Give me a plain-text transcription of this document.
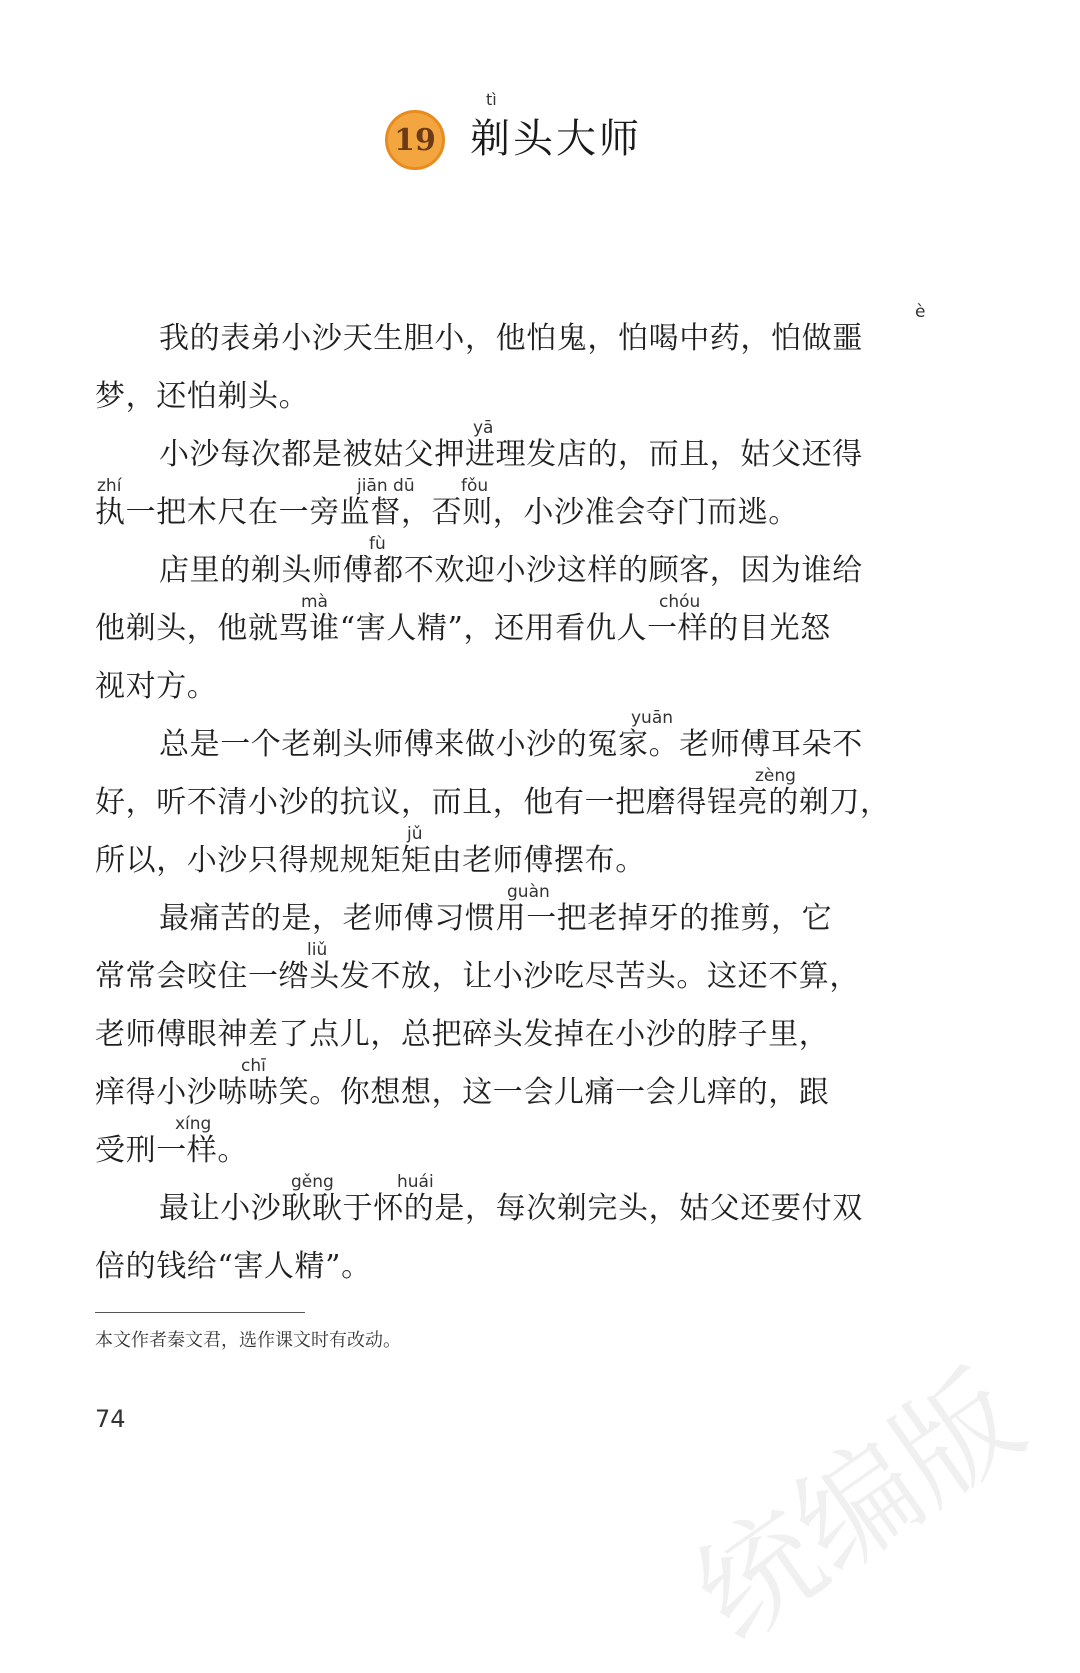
19
tì
剃头大师
è
我的表弟小沙天生胆小，他怕鬼，怕喝中药，怕做噩
梦，还怕剃头。
yā
小沙每次都是被姑父押进理发店的，而且，姑父还得
zhí	jiān dū	fǒu
执一把木尺在一旁监督，否则，小沙准会夺门而逃。
fù
店里的剃头师傅都不欢迎小沙这样的顾客，因为谁给
mà	chóu
他剃头，他就骂谁“害人精”，还用看仇人一样的目光怒
视对方。
yuān
总是一个老剃头师傅来做小沙的冤家。老师傅耳朵不
zèng
好，听不清小沙的抗议，而且，他有一把磨得锃亮的剃刀，
jǔ
所以，小沙只得规规矩矩由老师傅摆布。
guàn
最痛苦的是，老师傅习惯用一把老掉牙的推剪，它
liǔ
常常会咬住一绺头发不放，让小沙吃尽苦头。这还不算，
老师傅眼神差了点儿，总把碎头发掉在小沙的脖子里，
chī
痒得小沙哧哧笑。你想想，这一会儿痛一会儿痒的，跟
xíng
受刑一样。
gěng	huái
最让小沙耿耿于怀的是，每次剃完头，姑父还要付双
倍的钱给“害人精”。
本文作者秦文君，选作课文时有改动。
74	统编版
